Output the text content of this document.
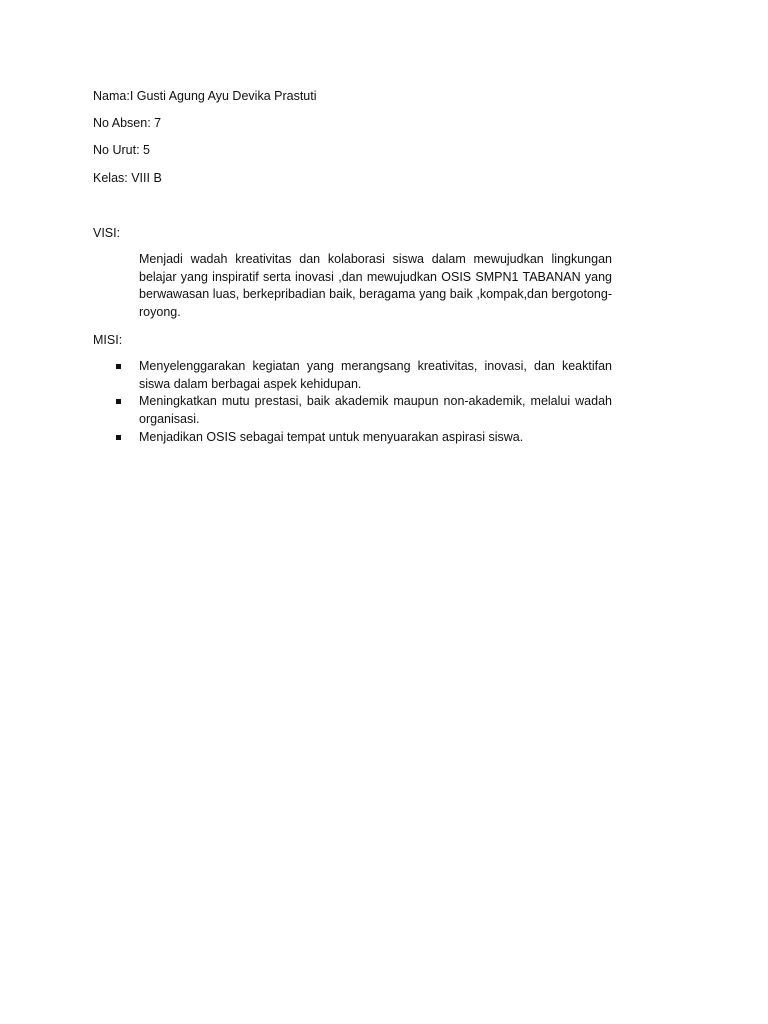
Nama:I Gusti Agung Ayu Devika Prastuti
No Absen: 7
No Urut: 5
Kelas: VIII B
VISI:

Menjadi wadah kreativitas dan kolaborasi siswa dalam mewujudkan lingkungan belajar yang inspiratif serta inovasi ,dan mewujudkan OSIS SMPN1 TABANAN yang berwawasan luas, berkepribadian baik, beragama yang baik ,kompak,dan bergotong-royong.

MISI:
Menyelenggarakan kegiatan yang merangsang kreativitas, inovasi, dan keaktifan siswa dalam berbagai aspek kehidupan.
Meningkatkan mutu prestasi, baik akademik maupun non-akademik, melalui wadah organisasi.
Menjadikan OSIS sebagai tempat untuk menyuarakan aspirasi siswa.
